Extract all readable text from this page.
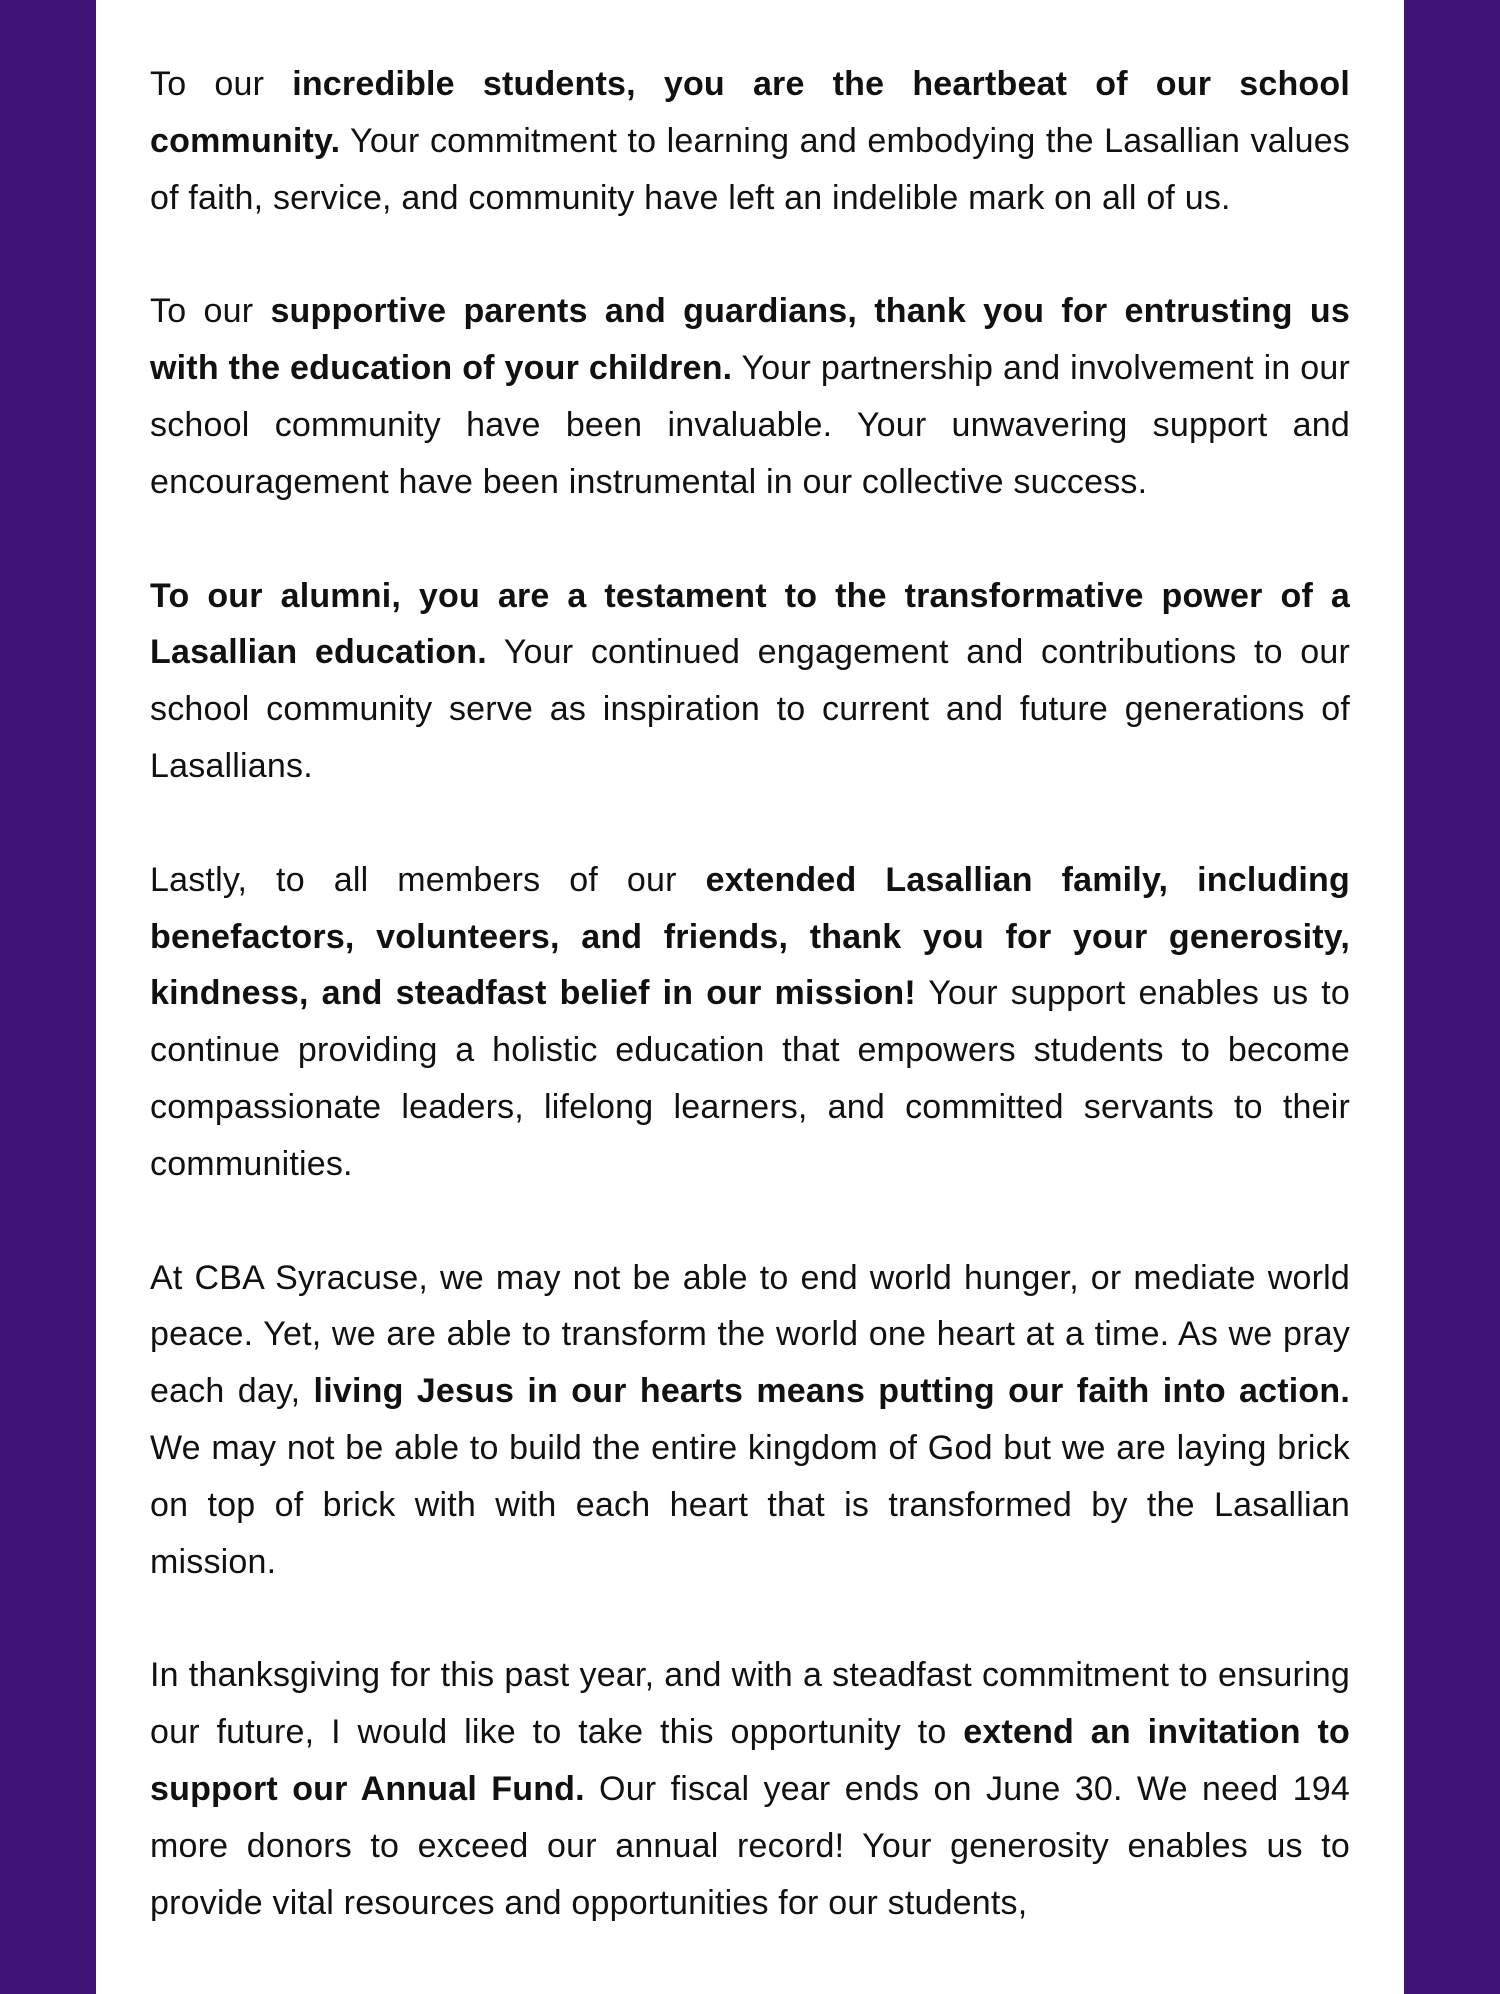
To our incredible students, you are the heartbeat of our school community. Your commitment to learning and embodying the Lasallian values of faith, service, and community have left an indelible mark on all of us.

To our supportive parents and guardians, thank you for entrusting us with the education of your children. Your partnership and involvement in our school community have been invaluable. Your unwavering support and encouragement have been instrumental in our collective success.

To our alumni, you are a testament to the transformative power of a Lasallian education. Your continued engagement and contributions to our school community serve as inspiration to current and future generations of Lasallians.

Lastly, to all members of our extended Lasallian family, including benefactors, volunteers, and friends, thank you for your generosity, kindness, and steadfast belief in our mission! Your support enables us to continue providing a holistic education that empowers students to become compassionate leaders, lifelong learners, and committed servants to their communities.

At CBA Syracuse, we may not be able to end world hunger, or mediate world peace. Yet, we are able to transform the world one heart at a time. As we pray each day, living Jesus in our hearts means putting our faith into action. We may not be able to build the entire kingdom of God but we are laying brick on top of brick with with each heart that is transformed by the Lasallian mission.

In thanksgiving for this past year, and with a steadfast commitment to ensuring our future, I would like to take this opportunity to extend an invitation to support our Annual Fund. Our fiscal year ends on June 30. We need 194 more donors to exceed our annual record! Your generosity enables us to provide vital resources and opportunities for our students,
